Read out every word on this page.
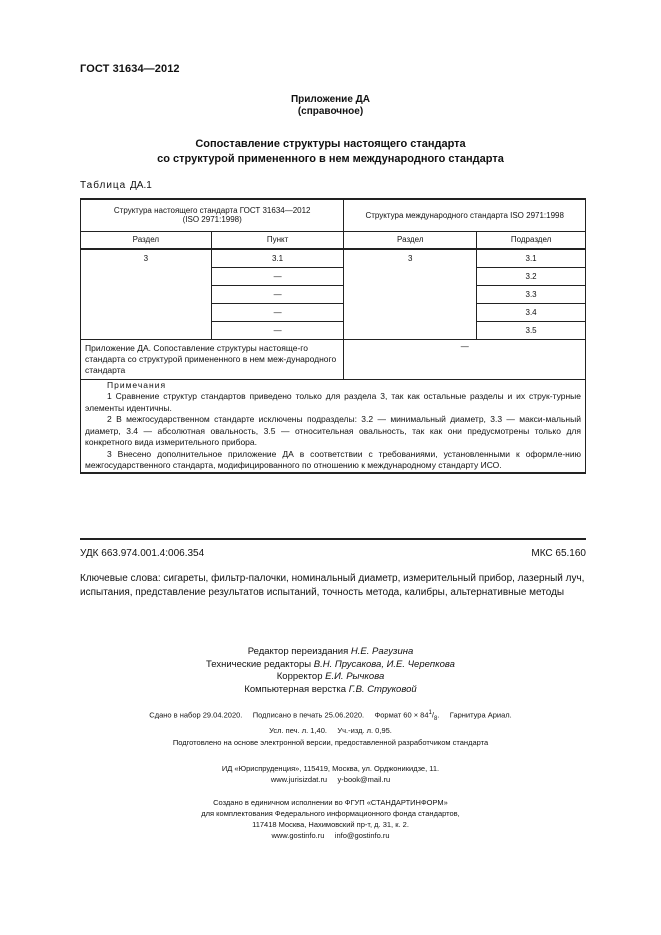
ГОСТ 31634—2012
Приложение ДА
(справочное)
Сопоставление структуры настоящего стандарта
со структурой примененного в нем международного стандарта
Таблица ДА.1
Структура настоящего стандарта ГОСТ 31634—2012
(ISO 2971:1998)		Структура международного стандарта ISO 2971:1998	
Раздел	Пункт	Раздел	Подраздел
3	3.1	3	3.1
	—		3.2
	—		3.3
	—		3.4
	—		3.5
Приложение ДА. Сопоставление структуры настояще-го стандарта со структурой примененного в нем меж-дународного стандарта		—	

Примечания

1 Сравнение структур стандартов приведено только для раздела 3, так как остальные разделы и их струк-турные элементы идентичны.

2 В межгосударственном стандарте исключены подразделы: 3.2 — минимальный диаметр, 3.3 — макси-мальный диаметр, 3.4 — абсолютная овальность, 3.5 — относительная овальность, так как они предусмотрены только для конкретного вида измерительного прибора.

3 Внесено дополнительное приложение ДА в соответствии с требованиями, установленными к оформле-нию межгосударственного стандарта, модифицированного по отношению к международному стандарту ИСО.			

УДК 663.974.001.4:006.354	МКС 65.160
Ключевые слова: сигареты, фильтр-палочки, номинальный диаметр, измерительный прибор, лазерный луч, испытания, представление результатов испытаний, точность метода, калибры, альтернативные методы
Редактор переиздания Н.Е. Рагузина
Технические редакторы В.Н. Прусакова, И.Е. Черепкова
Корректор Е.И. Рычкова
Компьютерная верстка Г.В. Струковой
Сдано в набор 29.04.2020.     Подписано в печать 25.06.2020.     Формат $60 \times 84^1/_8$.     Гарнитура Ариал.
Усл. печ. л. 1,40.     Уч.-изд. л. 0,95.
Подготовлено на основе электронной версии, предоставленной разработчиком стандарта
ИД «Юриспруденция», 115419, Москва, ул. Орджоникидзе, 11.
www.jurisizdat.ru     y-book@mail.ru
Создано в единичном исполнении во ФГУП «СТАНДАРТИНФОРМ»
для комплектования Федерального информационного фонда стандартов,
117418 Москва, Нахимовский пр-т, д. 31, к. 2.
www.gostinfo.ru     info@gostinfo.ru
